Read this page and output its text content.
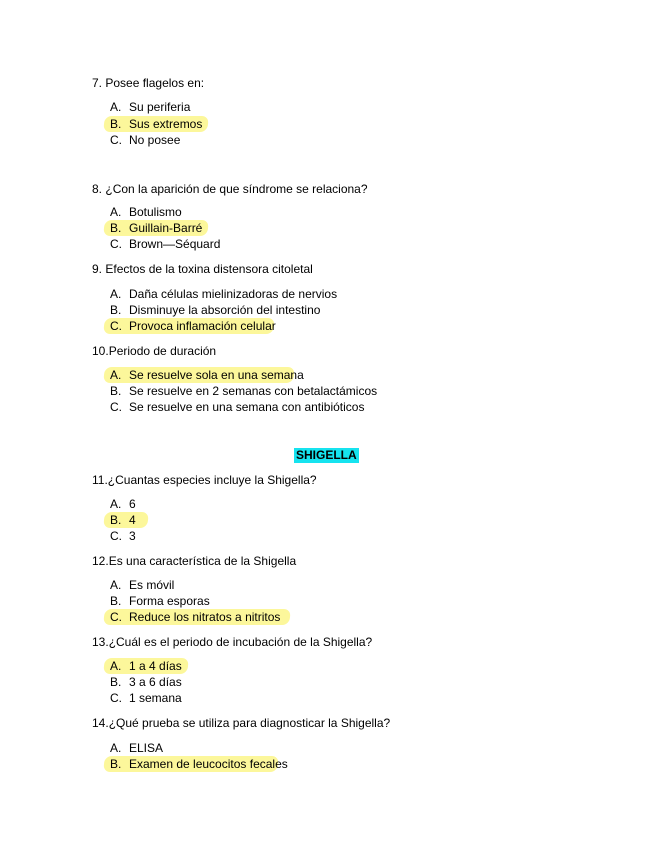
7. Posee flagelos en:
A. Su periferia
B. Sus extremos
C. No posee
8. ¿Con la aparición de que síndrome se relaciona?
A. Botulismo
B. Guillain-Barré
C. Brown—Séquard
9. Efectos de la toxina distensora citoletal
A. Daña células mielinizadoras de nervios
B. Disminuye la absorción del intestino
C. Provoca inflamación celular
10.Periodo de duración
A. Se resuelve sola en una semana
B. Se resuelve en 2 semanas con betalactámicos
C. Se resuelve en una semana con antibióticos
SHIGELLA
11.¿Cuantas especies incluye la Shigella?
A. 6
B. 4
C. 3
12.Es una característica de la Shigella
A. Es móvil
B. Forma esporas
C. Reduce los nitratos a nitritos
13.¿Cuál es el periodo de incubación de la Shigella?
A. 1 a 4 días
B. 3 a 6 días
C. 1 semana
14.¿Qué prueba se utiliza para diagnosticar la Shigella?
A. ELISA
B. Examen de leucocitos fecales
